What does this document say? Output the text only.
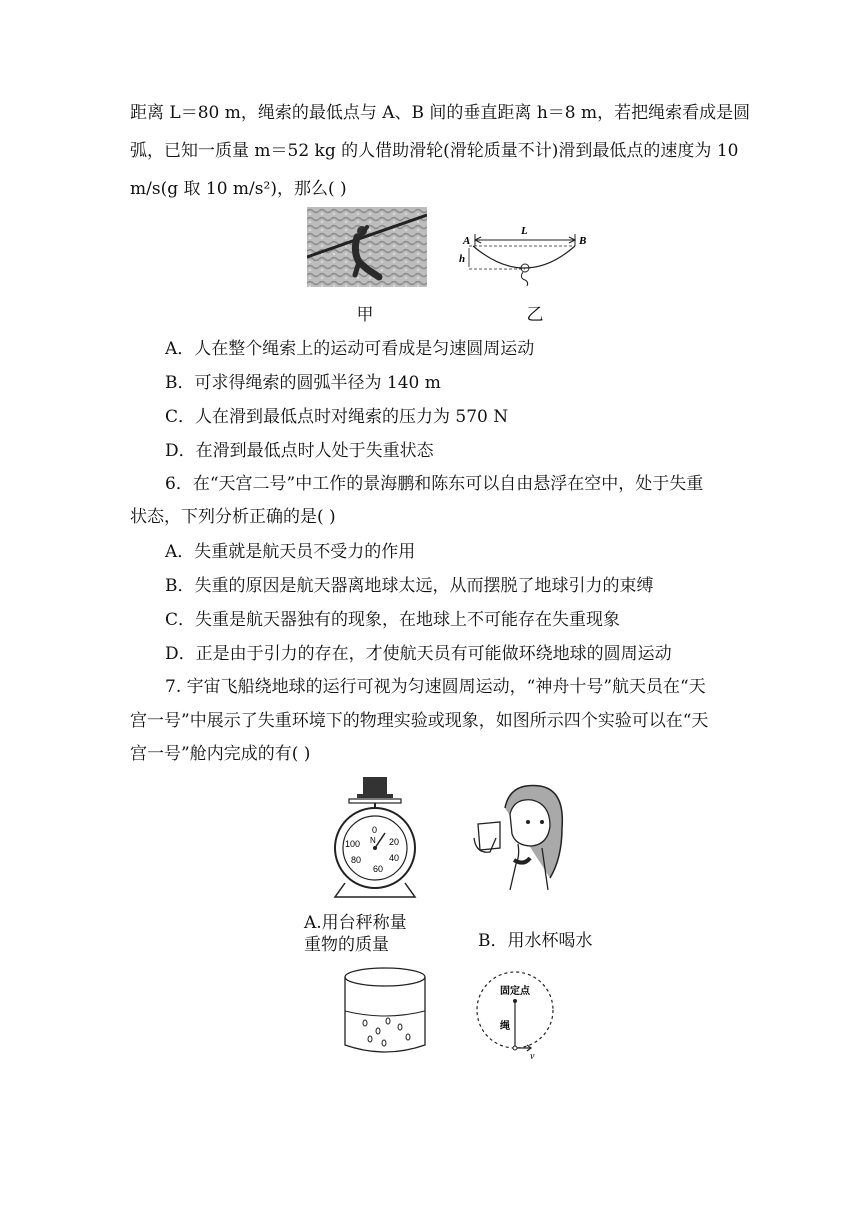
距离 L＝80 m，绳索的最低点与 A、B 间的垂直距离 h＝8 m，若把绳索看成是圆
弧，已知一质量 m＝52 kg 的人借助滑轮(滑轮质量不计)滑到最低点的速度为 10
m/s(g 取 10 m/s²)，那么( )
甲
A	B
L
h
乙
A．人在整个绳索上的运动可看成是匀速圆周运动
B．可求得绳索的圆弧半径为 140 m
C．人在滑到最低点时对绳索的压力为 570 N
D．在滑到最低点时人处于失重状态
6．在“天宫二号”中工作的景海鹏和陈东可以自由悬浮在空中，处于失重
状态，下列分析正确的是( )
A．失重就是航天员不受力的作用
B．失重的原因是航天器离地球太远，从而摆脱了地球引力的束缚
C．失重是航天器独有的现象，在地球上不可能存在失重现象
D．正是由于引力的存在，才使航天员有可能做环绕地球的圆周运动
7. 宇宙飞船绕地球的运行可视为匀速圆周运动，“神舟十号”航天员在“天
宫一号”中展示了失重环境下的物理实验或现象，如图所示四个实验可以在“天
宫一号”舱内完成的有( )
0
N 20
40
60
80
100
A.用台秤称量
重物的质量	B．用水杯喝水
固定点
绳
v
